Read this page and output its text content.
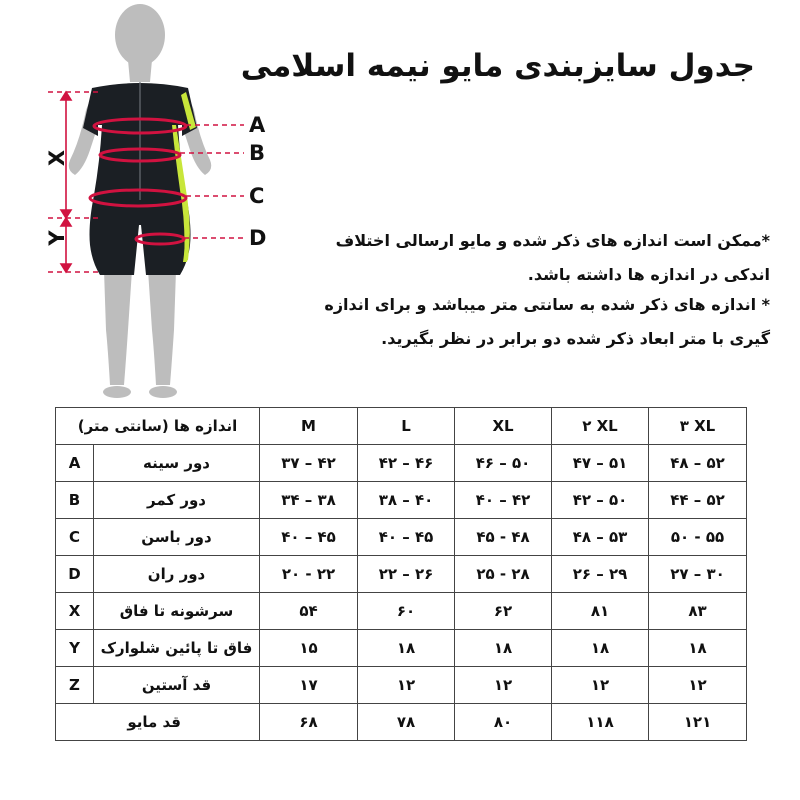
A
B
C
D
X
Y
جدول سایزبندی مایو نیمه اسلامی
*ممکن است اندازه های ذکر شده و مایو ارسالی اختلاف اندکی در اندازه ها داشته باشد.
* اندازه های ذکر شده به سانتی متر میباشد و برای اندازه گیری با متر ابعاد ذکر شده دو برابر در نظر بگیرید.
اندازه ها (سانتی متر)		M	L	XL	۲ XL	۳ XL
A	دور سینه	۳۷ – ۴۲	۴۲ – ۴۶	۴۶ – ۵۰	۴۷ – ۵۱	۴۸ – ۵۲
B	دور کمر	۳۴ – ۳۸	۳۸ – ۴۰	۴۰ – ۴۲	۴۲ – ۵۰	۴۴ – ۵۲
C	دور باسن	۴۰ – ۴۵	۴۰ – ۴۵	۴۵ - ۴۸	۴۸ – ۵۳	۵۰ - ۵۵
D	دور ران	۲۰ - ۲۲	۲۲ – ۲۶	۲۵ - ۲۸	۲۶ – ۲۹	۲۷ – ۳۰
X	سرشونه تا فاق	۵۴	۶۰	۶۲	۸۱	۸۳
Y	فاق تا پائین شلوارک	۱۵	۱۸	۱۸	۱۸	۱۸
Z	قد آستین	۱۷	۱۲	۱۲	۱۲	۱۲
قد مایو		۶۸	۷۸	۸۰	۱۱۸	۱۲۱
